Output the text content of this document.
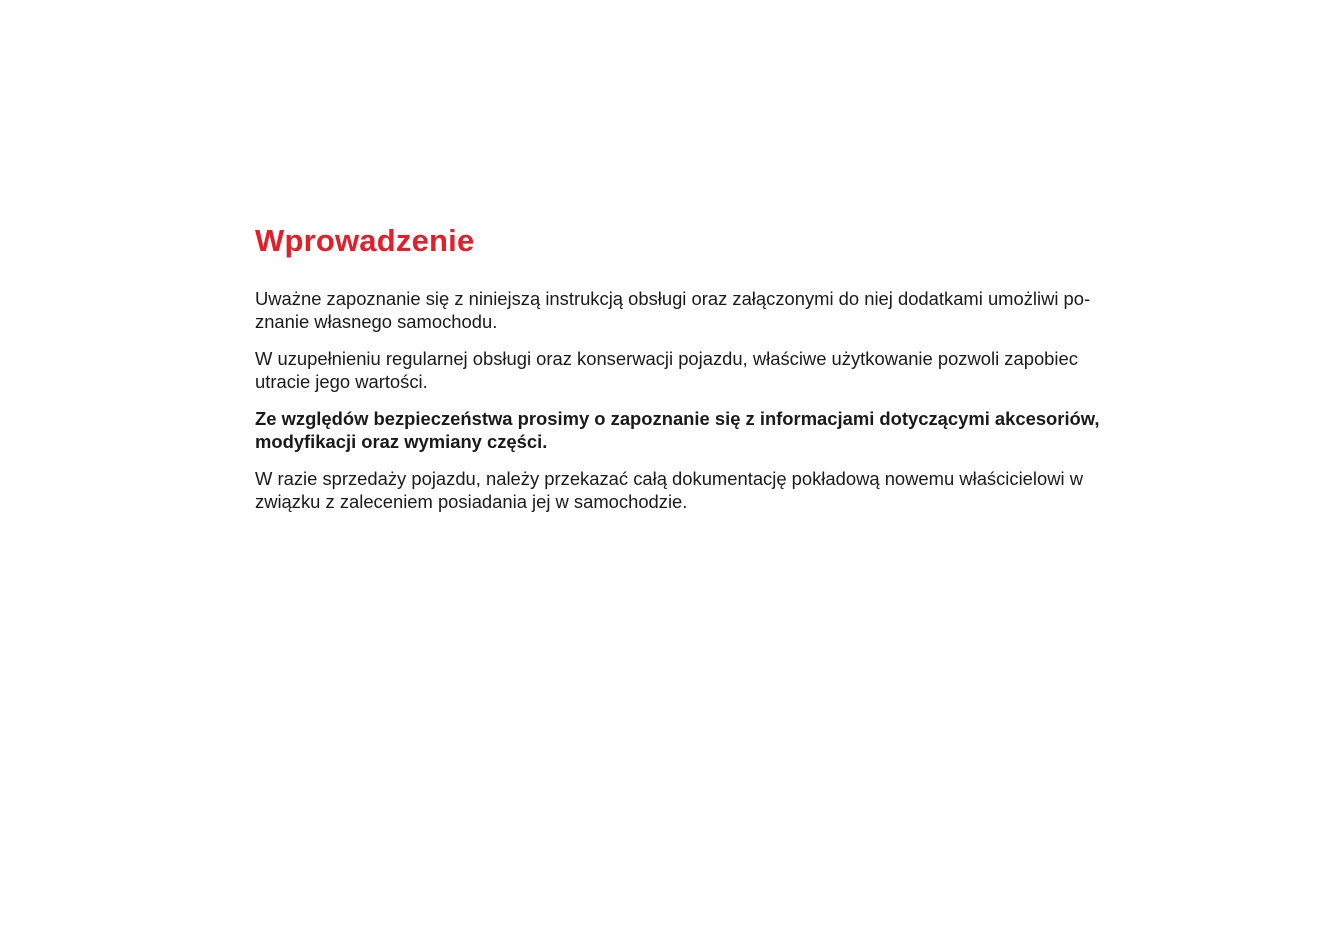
Wprowadzenie

Uważne zapoznanie się z niniejszą instrukcją obsługi oraz załączonymi do niej dodatkami umożliwi po-
znanie własnego samochodu.

W uzupełnieniu regularnej obsługi oraz konserwacji pojazdu, właściwe użytkowanie pozwoli zapobiec
utracie jego wartości.

Ze względów bezpieczeństwa prosimy o zapoznanie się z informacjami dotyczącymi akcesoriów,
modyfikacji oraz wymiany części.

W razie sprzedaży pojazdu, należy przekazać całą dokumentację pokładową nowemu właścicielowi w
związku z zaleceniem posiadania jej w samochodzie.
